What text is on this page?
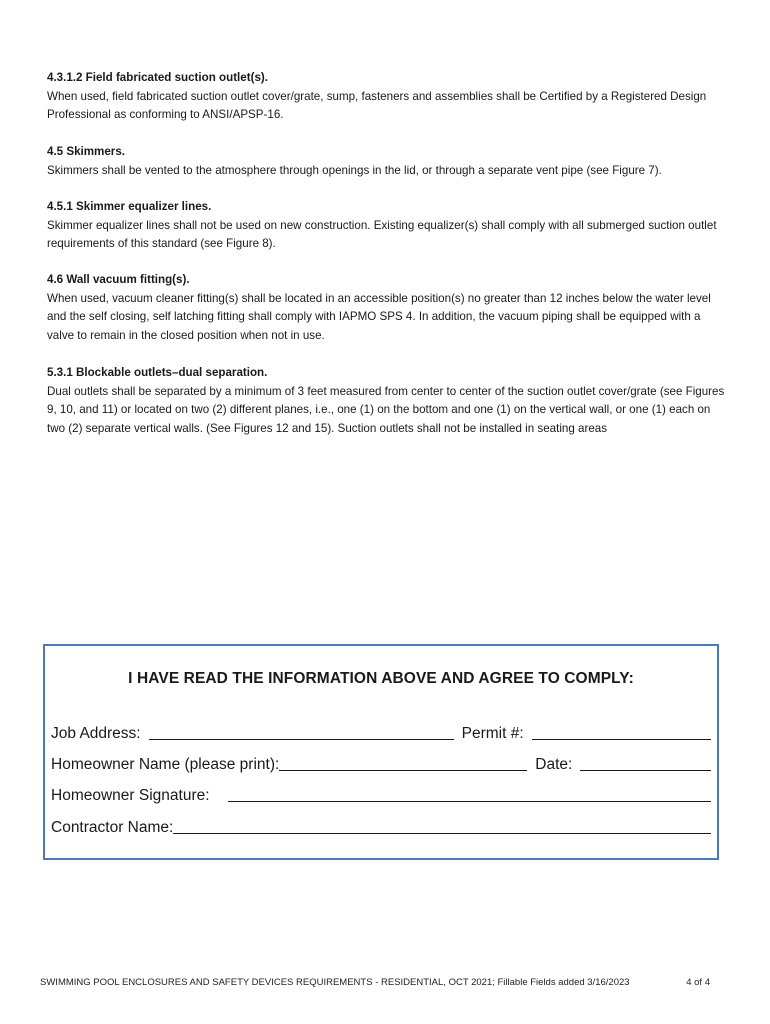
4.3.1.2 Field fabricated suction outlet(s).
When used, field fabricated suction outlet cover/grate, sump, fasteners and assemblies shall be Certified by a Registered Design Professional as conforming to ANSI/APSP-16.
4.5 Skimmers.
Skimmers shall be vented to the atmosphere through openings in the lid, or through a separate vent pipe (see Figure 7).
4.5.1 Skimmer equalizer lines.
Skimmer equalizer lines shall not be used on new construction. Existing equalizer(s) shall comply with all submerged suction outlet requirements of this standard (see Figure 8).
4.6 Wall vacuum fitting(s).
When used, vacuum cleaner fitting(s) shall be located in an accessible position(s) no greater than 12 inches below the water level and the self closing, self latching fitting shall comply with IAPMO SPS 4. In addition, the vacuum piping shall be equipped with a valve to remain in the closed position when not in use.
5.3.1 Blockable outlets–dual separation.
Dual outlets shall be separated by a minimum of 3 feet measured from center to center of the suction outlet cover/grate (see Figures 9, 10, and 11) or located on two (2) different planes, i.e., one (1) on the bottom and one (1) on the vertical wall, or one (1) each on two (2) separate vertical walls. (See Figures 12 and 15). Suction outlets shall not be installed in seating areas
I HAVE READ THE INFORMATION ABOVE AND AGREE TO COMPLY:
Job Address:	Permit #:
Homeowner Name (please print):	Date:
Homeowner Signature:
Contractor Name:
SWIMMING POOL ENCLOSURES AND SAFETY DEVICES REQUIREMENTS - RESIDENTIAL, OCT 2021; Fillable Fields added 3/16/2023	4 of 4
